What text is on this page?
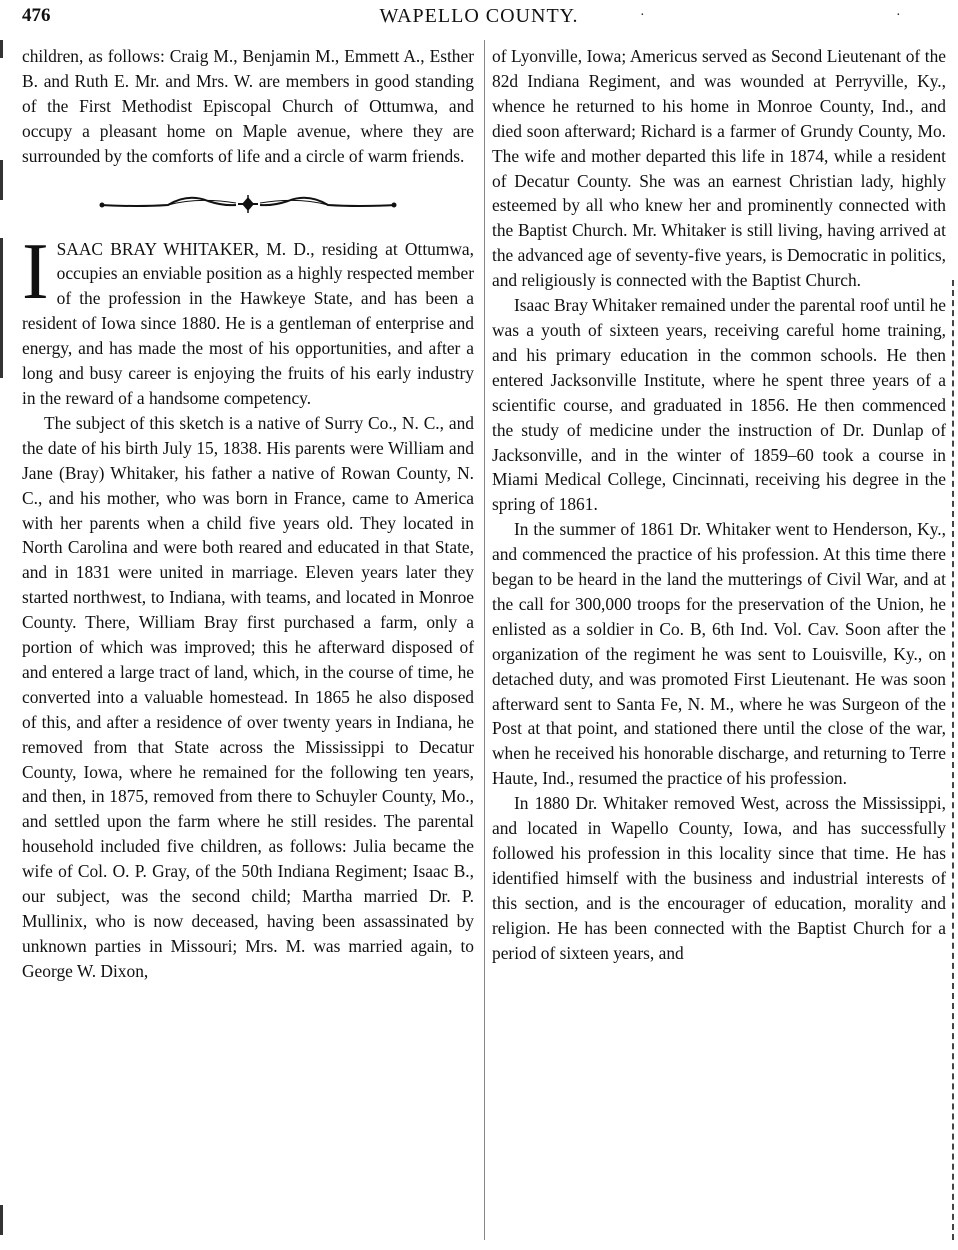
476	WAPELLO COUNTY.	·	·

children, as follows: Craig M., Benjamin M., Emmett A., Esther B. and Ruth E. Mr. and Mrs. W. are members in good standing of the First Methodist Episcopal Church of Ottumwa, and occupy a pleasant home on Maple avenue, where they are surrounded by the comforts of life and a circle of warm friends.

I SAAC BRAY WHITAKER, M. D., residing at Ottumwa, occupies an enviable position as a highly respected member of the profession in the Hawkeye State, and has been a resident of Iowa since 1880. He is a gentleman of enterprise and energy, and has made the most of his opportunities, and after a long and busy career is enjoying the fruits of his early industry in the reward of a handsome competency.

The subject of this sketch is a native of Surry Co., N. C., and the date of his birth July 15, 1838. His parents were William and Jane (Bray) Whitaker, his father a native of Rowan County, N. C., and his mother, who was born in France, came to America with her parents when a child five years old. They located in North Carolina and were both reared and educated in that State, and in 1831 were united in marriage. Eleven years later they started northwest, to Indiana, with teams, and located in Monroe County. There, William Bray first purchased a farm, only a portion of which was improved; this he afterward disposed of and entered a large tract of land, which, in the course of time, he converted into a valuable homestead. In 1865 he also disposed of this, and after a residence of over twenty years in Indiana, he removed from that State across the Mississippi to Decatur County, Iowa, where he remained for the following ten years, and then, in 1875, removed from there to Schuyler County, Mo., and settled upon the farm where he still resides. The parental household included five children, as follows: Julia became the wife of Col. O. P. Gray, of the 50th Indiana Regiment; Isaac B., our subject, was the second child; Martha married Dr. P. Mullinix, who is now deceased, having been assassinated by unknown parties in Missouri; Mrs. M. was married again, to George W. Dixon,

of Lyonville, Iowa; Americus served as Second Lieutenant of the 82d Indiana Regiment, and was wounded at Perryville, Ky., whence he returned to his home in Monroe County, Ind., and died soon afterward; Richard is a farmer of Grundy County, Mo. The wife and mother departed this life in 1874, while a resident of Decatur County. She was an earnest Christian lady, highly esteemed by all who knew her and prominently connected with the Baptist Church. Mr. Whitaker is still living, having arrived at the advanced age of seventy-five years, is Democratic in politics, and religiously is connected with the Baptist Church.

Isaac Bray Whitaker remained under the parental roof until he was a youth of sixteen years, receiving careful home training, and his primary education in the common schools. He then entered Jacksonville Institute, where he spent three years of a scientific course, and graduated in 1856. He then commenced the study of medicine under the instruction of Dr. Dunlap of Jacksonville, and in the winter of 1859–60 took a course in Miami Medical College, Cincinnati, receiving his degree in the spring of 1861.

In the summer of 1861 Dr. Whitaker went to Henderson, Ky., and commenced the practice of his profession. At this time there began to be heard in the land the mutterings of Civil War, and at the call for 300,000 troops for the preservation of the Union, he enlisted as a soldier in Co. B, 6th Ind. Vol. Cav. Soon after the organization of the regiment he was sent to Louisville, Ky., on detached duty, and was promoted First Lieutenant. He was soon afterward sent to Santa Fe, N. M., where he was Surgeon of the Post at that point, and stationed there until the close of the war, when he received his honorable discharge, and returning to Terre Haute, Ind., resumed the practice of his profession.

In 1880 Dr. Whitaker removed West, across the Mississippi, and located in Wapello County, Iowa, and has successfully followed his profession in this locality since that time. He has identified himself with the business and industrial interests of this section, and is the encourager of education, morality and religion. He has been connected with the Baptist Church for a period of sixteen years, and
